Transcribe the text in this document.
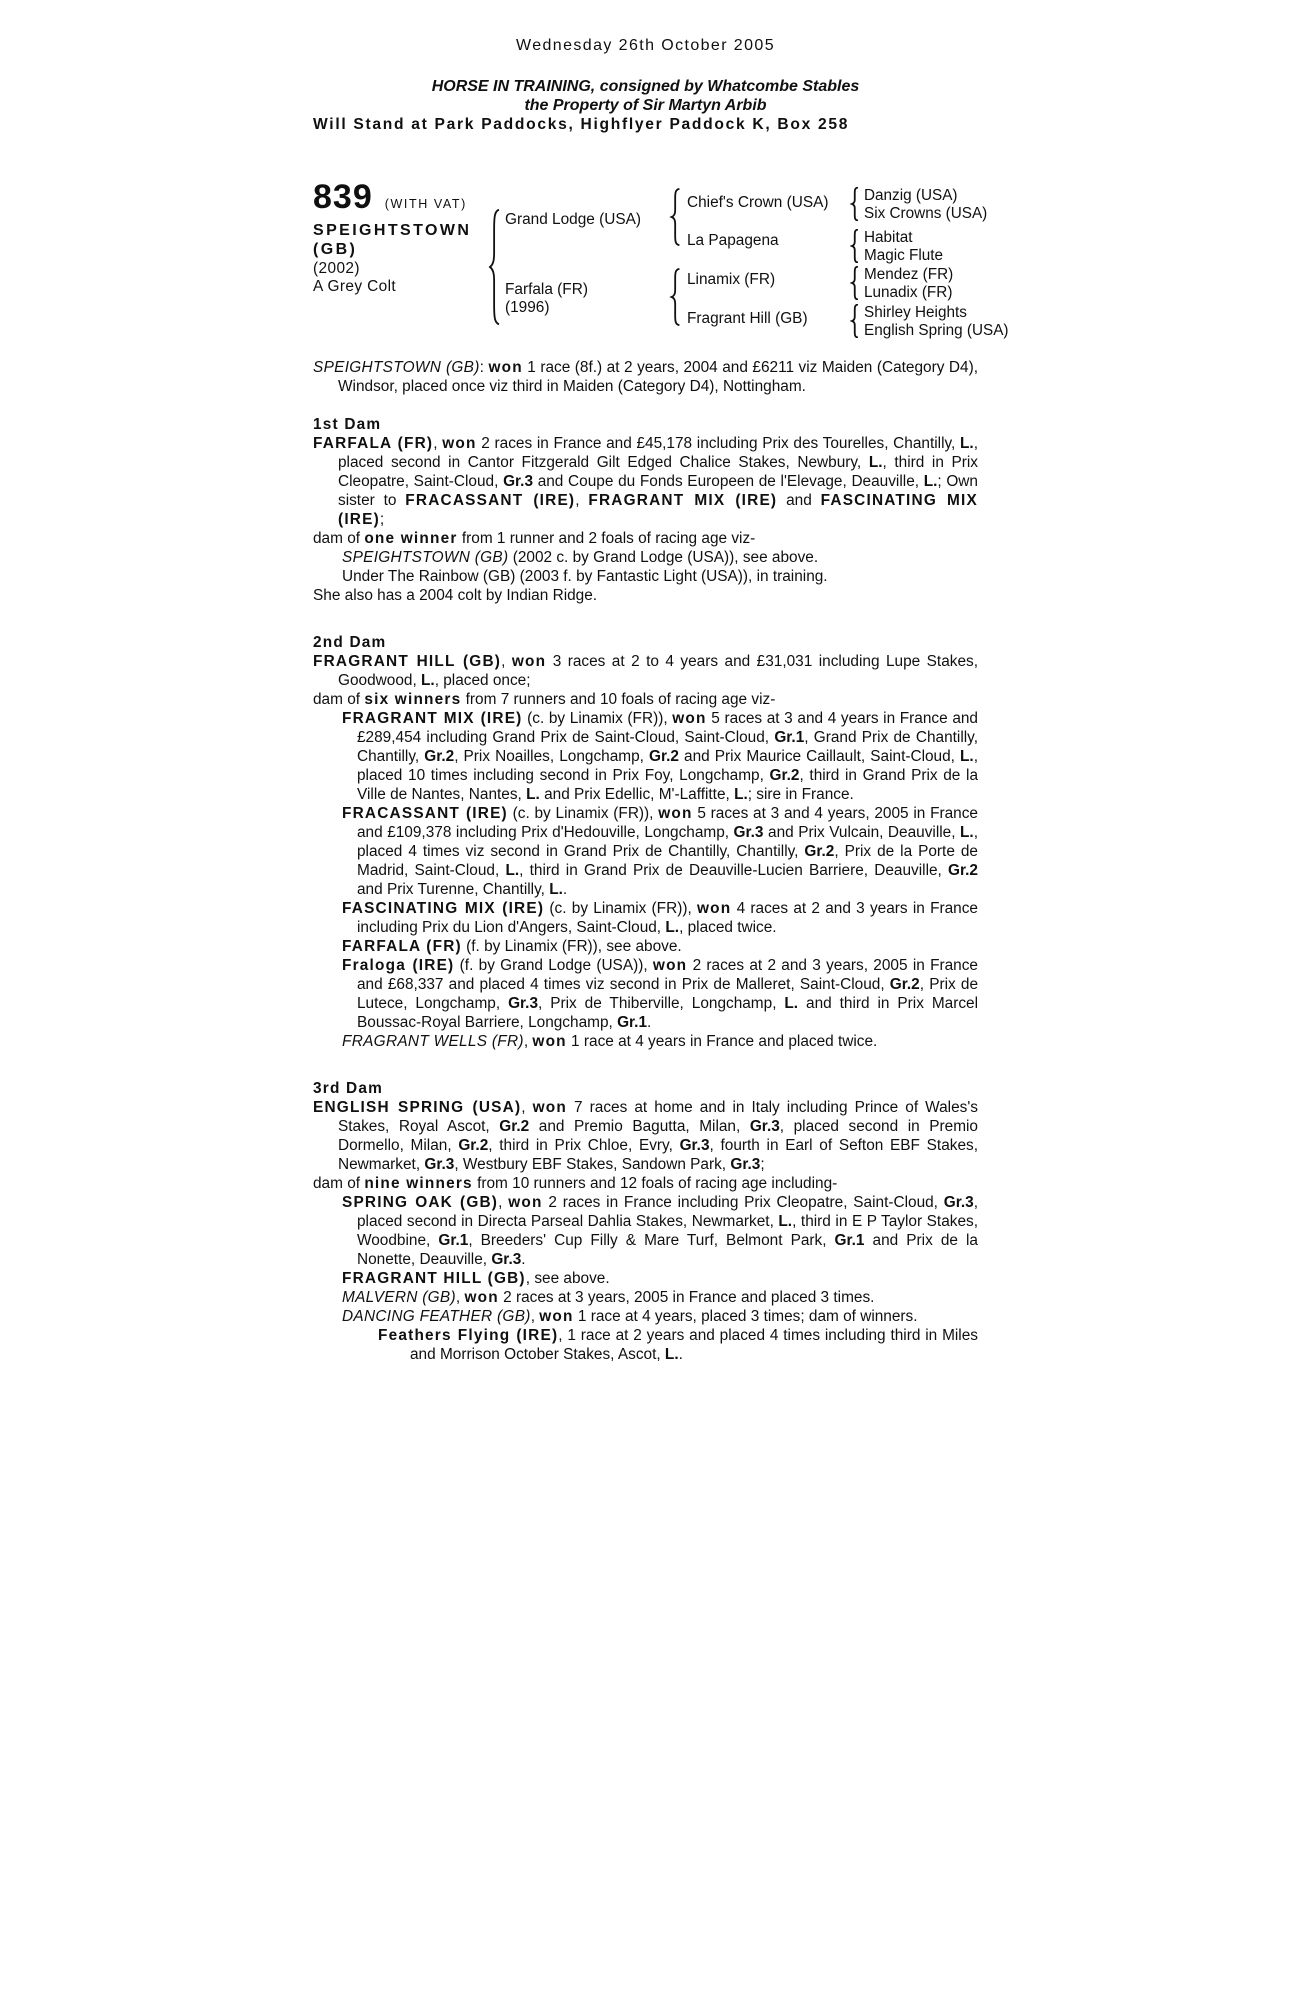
Wednesday 26th October 2005
HORSE IN TRAINING, consigned by Whatcombe Stables
the Property of Sir Martyn Arbib
Will Stand at Park Paddocks, Highflyer Paddock K, Box 258
839 (WITH VAT)
SPEIGHTSTOWN
(GB)
(2002)
A Grey Colt
Grand Lodge (USA)
Farfala (FR)
(1996)
Chief's Crown (USA)
La Papagena
Linamix (FR)
Fragrant Hill (GB)
Danzig (USA)
Six Crowns (USA)
Habitat
Magic Flute
Mendez (FR)
Lunadix (FR)
Shirley Heights
English Spring (USA)

SPEIGHTSTOWN (GB): won 1 race (8f.) at 2 years, 2004 and £6211 viz Maiden (Category D4), Windsor, placed once viz third in Maiden (Category D4), Nottingham.

1st Dam

FARFALA (FR), won 2 races in France and £45,178 including Prix des Tourelles, Chantilly, L., placed second in Cantor Fitzgerald Gilt Edged Chalice Stakes, Newbury, L., third in Prix Cleopatre, Saint-Cloud, Gr.3 and Coupe du Fonds Europeen de l'Elevage, Deauville, L.; Own sister to FRACASSANT (IRE), FRAGRANT MIX (IRE) and FASCINATING MIX (IRE);

dam of one winner from 1 runner and 2 foals of racing age viz-

SPEIGHTSTOWN (GB) (2002 c. by Grand Lodge (USA)), see above.

Under The Rainbow (GB) (2003 f. by Fantastic Light (USA)), in training.

She also has a 2004 colt by Indian Ridge.

2nd Dam

FRAGRANT HILL (GB), won 3 races at 2 to 4 years and £31,031 including Lupe Stakes, Goodwood, L., placed once;

dam of six winners from 7 runners and 10 foals of racing age viz-

FRAGRANT MIX (IRE) (c. by Linamix (FR)), won 5 races at 3 and 4 years in France and £289,454 including Grand Prix de Saint-Cloud, Saint-Cloud, Gr.1, Grand Prix de Chantilly, Chantilly, Gr.2, Prix Noailles, Longchamp, Gr.2 and Prix Maurice Caillault, Saint-Cloud, L., placed 10 times including second in Prix Foy, Longchamp, Gr.2, third in Grand Prix de la Ville de Nantes, Nantes, L. and Prix Edellic, M'-Laffitte, L.; sire in France.

FRACASSANT (IRE) (c. by Linamix (FR)), won 5 races at 3 and 4 years, 2005 in France and £109,378 including Prix d'Hedouville, Longchamp, Gr.3 and Prix Vulcain, Deauville, L., placed 4 times viz second in Grand Prix de Chantilly, Chantilly, Gr.2, Prix de la Porte de Madrid, Saint-Cloud, L., third in Grand Prix de Deauville-Lucien Barriere, Deauville, Gr.2 and Prix Turenne, Chantilly, L..

FASCINATING MIX (IRE) (c. by Linamix (FR)), won 4 races at 2 and 3 years in France including Prix du Lion d'Angers, Saint-Cloud, L., placed twice.

FARFALA (FR) (f. by Linamix (FR)), see above.

Fraloga (IRE) (f. by Grand Lodge (USA)), won 2 races at 2 and 3 years, 2005 in France and £68,337 and placed 4 times viz second in Prix de Malleret, Saint-Cloud, Gr.2, Prix de Lutece, Longchamp, Gr.3, Prix de Thiberville, Longchamp, L. and third in Prix Marcel Boussac-Royal Barriere, Longchamp, Gr.1.

FRAGRANT WELLS (FR), won 1 race at 4 years in France and placed twice.

3rd Dam

ENGLISH SPRING (USA), won 7 races at home and in Italy including Prince of Wales's Stakes, Royal Ascot, Gr.2 and Premio Bagutta, Milan, Gr.3, placed second in Premio Dormello, Milan, Gr.2, third in Prix Chloe, Evry, Gr.3, fourth in Earl of Sefton EBF Stakes, Newmarket, Gr.3, Westbury EBF Stakes, Sandown Park, Gr.3;

dam of nine winners from 10 runners and 12 foals of racing age including-

SPRING OAK (GB), won 2 races in France including Prix Cleopatre, Saint-Cloud, Gr.3, placed second in Directa Parseal Dahlia Stakes, Newmarket, L., third in E P Taylor Stakes, Woodbine, Gr.1, Breeders' Cup Filly & Mare Turf, Belmont Park, Gr.1 and Prix de la Nonette, Deauville, Gr.3.

FRAGRANT HILL (GB), see above.

MALVERN (GB), won 2 races at 3 years, 2005 in France and placed 3 times.

DANCING FEATHER (GB), won 1 race at 4 years, placed 3 times; dam of winners.

Feathers Flying (IRE), 1 race at 2 years and placed 4 times including third in Miles and Morrison October Stakes, Ascot, L..
